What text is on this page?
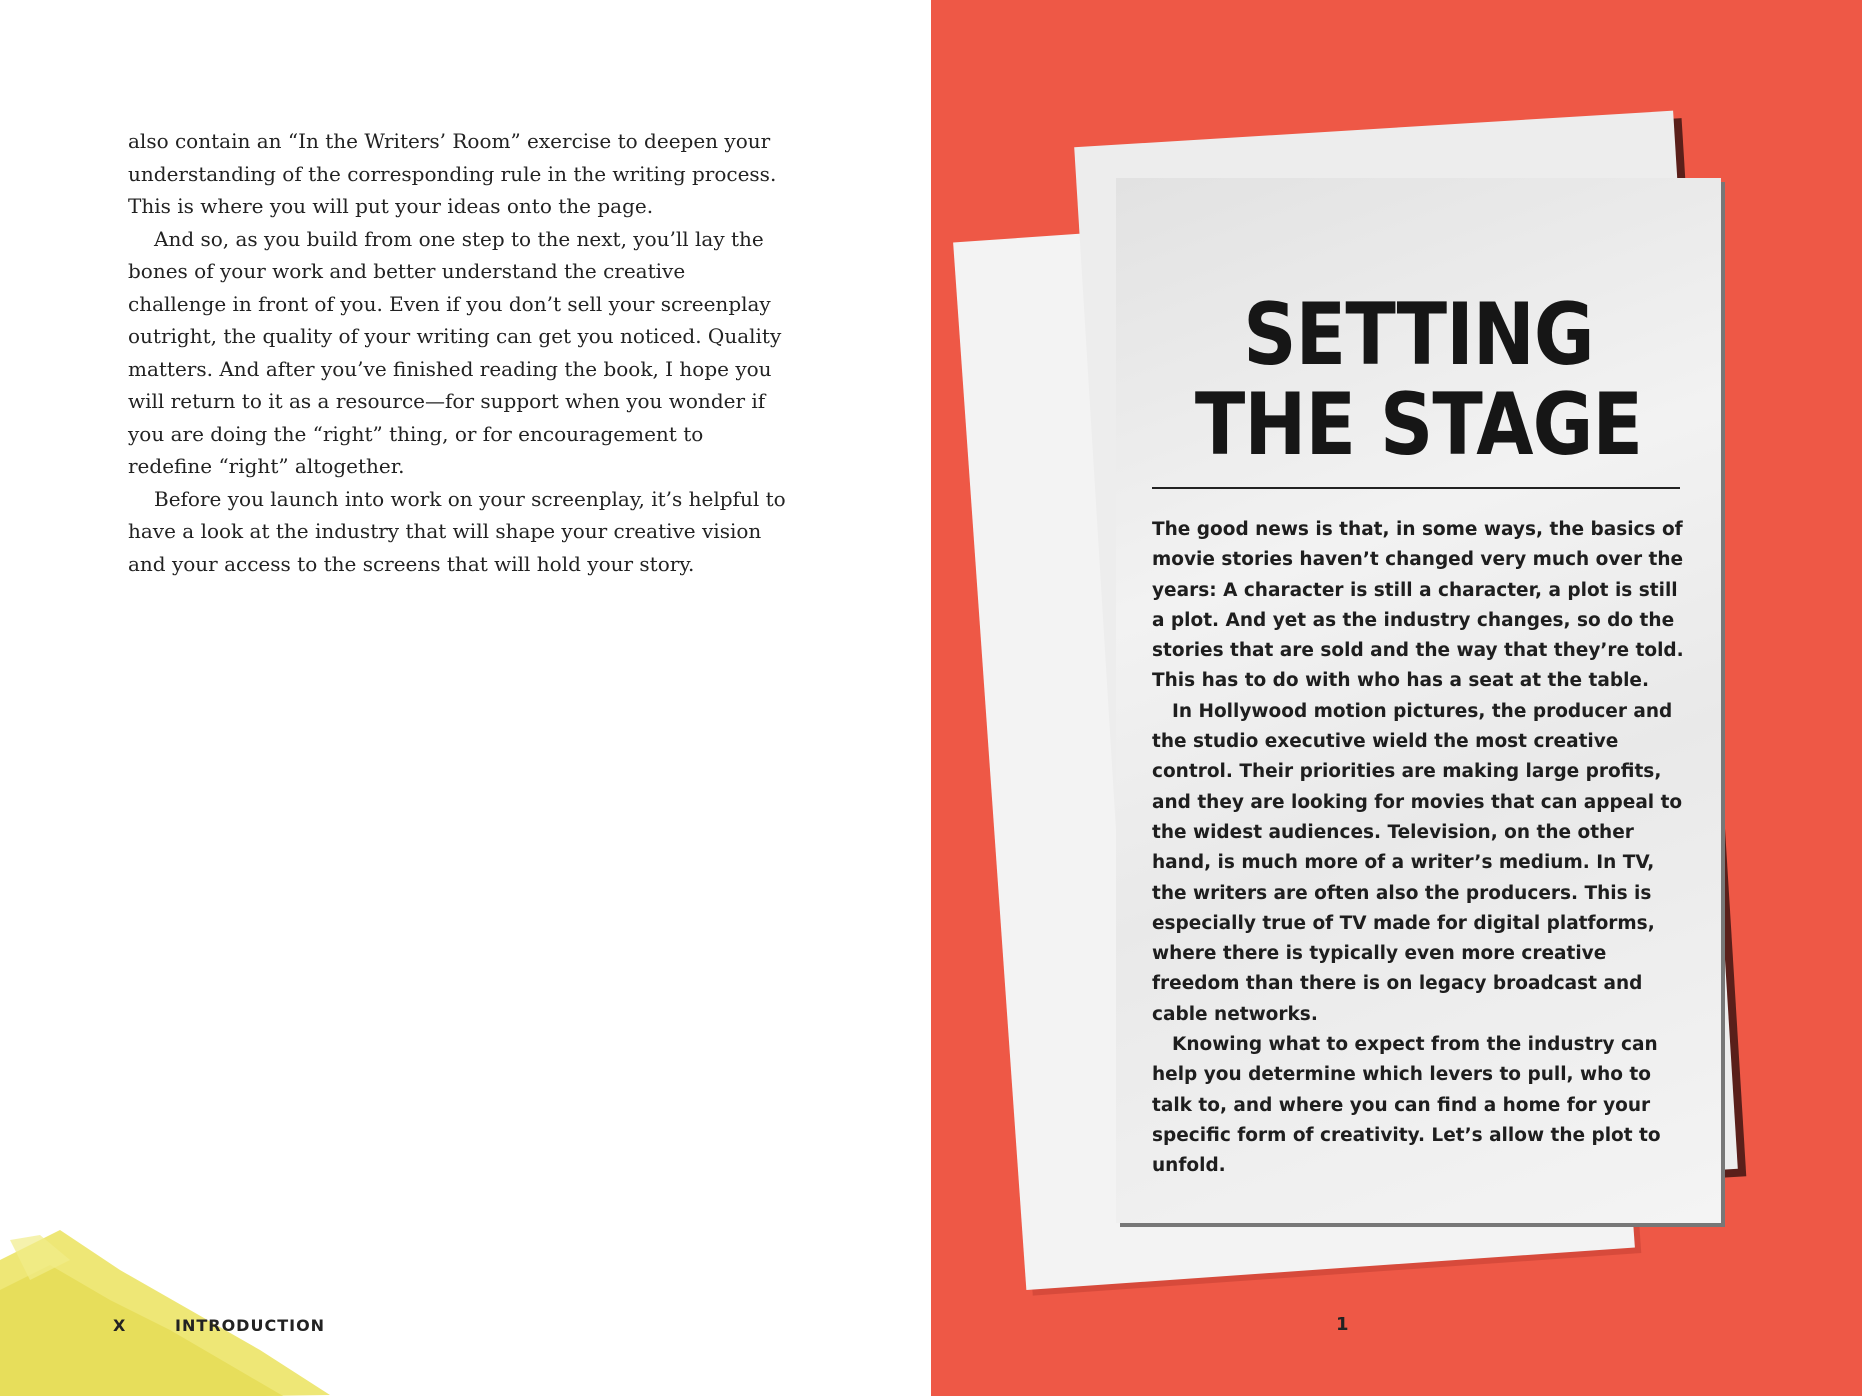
also contain an “In the Writers’ Room” exercise to deepen your understanding of the corresponding rule in the writing process. This is where you will put your ideas onto the page.

And so, as you build from one step to the next, you’ll lay the bones of your work and better understand the creative challenge in front of you. Even if you don’t sell your screenplay outright, the quality of your writing can get you noticed. Quality matters. And after you’ve finished reading the book, I hope you will return to it as a resource—for support when you wonder if you are doing the “right” thing, or for encouragement to redefine “right” altogether.

Before you launch into work on your screenplay, it’s helpful to have a look at the industry that will shape your creative vision and your access to the screens that will hold your story.

X	INTRODUCTION
SETTING
THE STAGE

The good news is that, in some ways, the basics of movie stories haven’t changed very much over the years: A character is still a character, a plot is still a plot. And yet as the industry changes, so do the stories that are sold and the way that they’re told. This has to do with who has a seat at the table.

In Hollywood motion pictures, the producer and the studio executive wield the most creative control. Their priorities are making large profits, and they are looking for movies that can appeal to the widest audiences. Television, on the other hand, is much more of a writer’s medium. In TV, the writers are often also the producers. This is especially true of TV made for digital platforms, where there is typically even more creative freedom than there is on legacy broadcast and cable networks.

Knowing what to expect from the industry can help you determine which levers to pull, who to talk to, and where you can find a home for your specific form of creativity. Let’s allow the plot to unfold.

1
